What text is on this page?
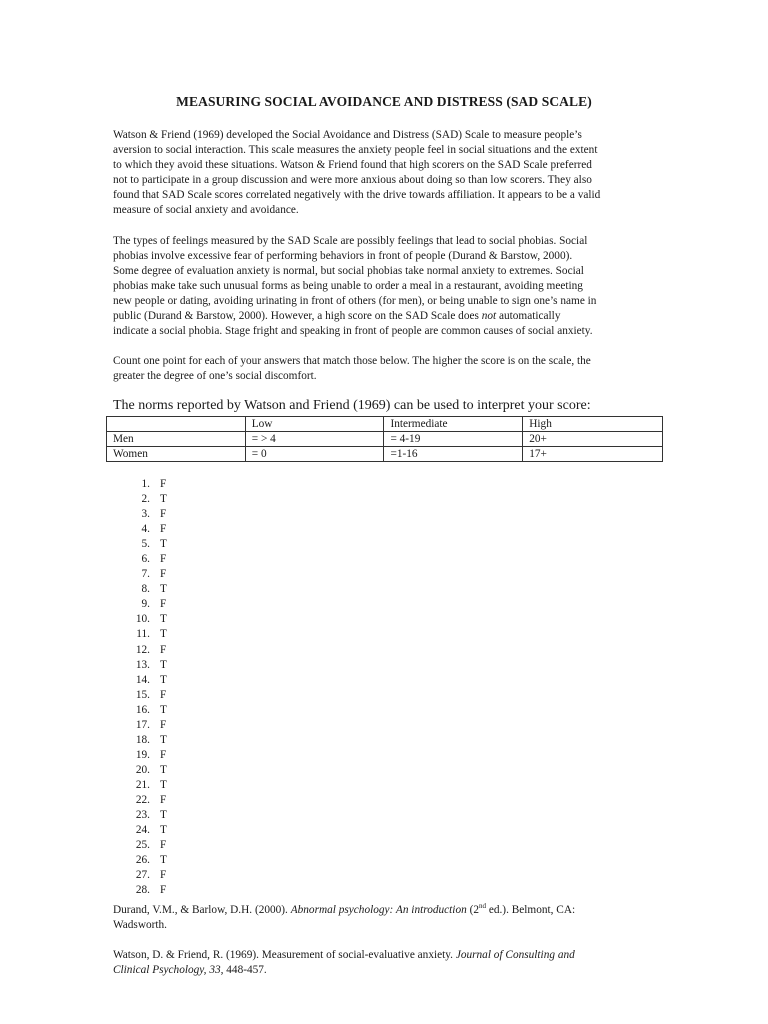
MEASURING SOCIAL AVOIDANCE AND DISTRESS (SAD SCALE)
Watson & Friend (1969) developed the Social Avoidance and Distress (SAD) Scale to measure people’s
aversion to social interaction. This scale measures the anxiety people feel in social situations and the extent
to which they avoid these situations. Watson & Friend found that high scorers on the SAD Scale preferred
not to participate in a group discussion and were more anxious about doing so than low scorers. They also
found that SAD Scale scores correlated negatively with the drive towards affiliation. It appears to be a valid
measure of social anxiety and avoidance.
The types of feelings measured by the SAD Scale are possibly feelings that lead to social phobias. Social
phobias involve excessive fear of performing behaviors in front of people (Durand & Barstow, 2000).
Some degree of evaluation anxiety is normal, but social phobias take normal anxiety to extremes. Social
phobias make take such unusual forms as being unable to order a meal in a restaurant, avoiding meeting
new people or dating, avoiding urinating in front of others (for men), or being unable to sign one’s name in
public (Durand & Barstow, 2000). However, a high score on the SAD Scale does not automatically
indicate a social phobia. Stage fright and speaking in front of people are common causes of social anxiety.
Count one point for each of your answers that match those below. The higher the score is on the scale, the
greater the degree of one’s social discomfort.
The norms reported by Watson and Friend (1969) can be used to interpret your score:
	Low	Intermediate	High
Men	= > 4	= 4-19	20+
Women	= 0	=1-16	17+
1. F
2. T
3. F
4. F
5. T
6. F
7. F
8. T
9. F
10. T
11. T
12. F
13. T
14. T
15. F
16. T
17. F
18. T
19. F
20. T
21. T
22. F
23. T
24. T
25. F
26. T
27. F
28. F
Durand, V.M., & Barlow, D.H. (2000). Abnormal psychology: An introduction (2nd ed.). Belmont, CA:
Wadsworth.
Watson, D. & Friend, R. (1969). Measurement of social-evaluative anxiety. Journal of Consulting and
Clinical Psychology, 33, 448-457.
